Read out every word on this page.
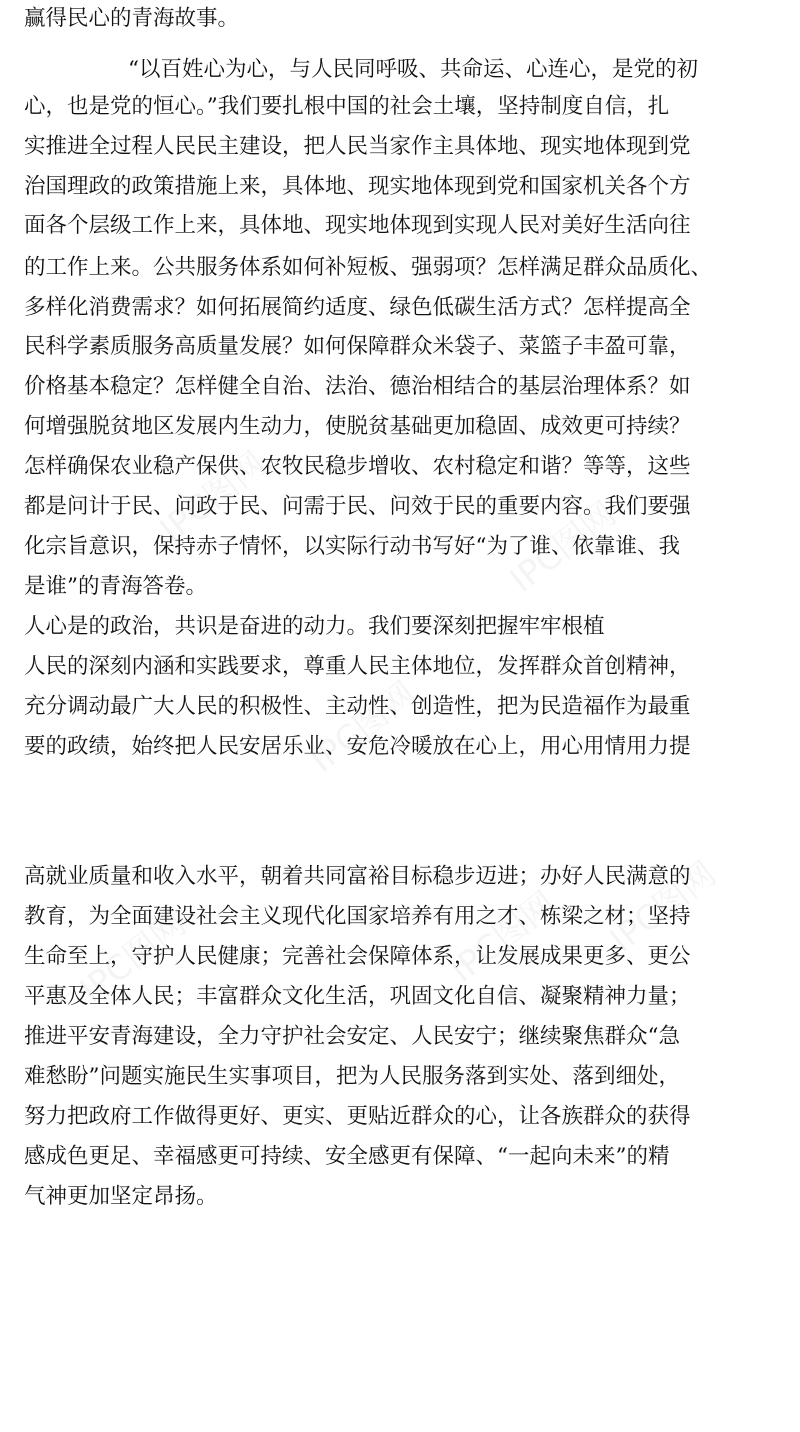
赢得民心的青海故事。
“以百姓心为心，与人民同呼吸、共命运、心连心，是党的初
心，也是党的恒心。”我们要扎根中国的社会土壤，坚持制度自信，扎
实推进全过程人民民主建设，把人民当家作主具体地、现实地体现到党
治国理政的政策措施上来，具体地、现实地体现到党和国家机关各个方
面各个层级工作上来，具体地、现实地体现到实现人民对美好生活向往
的工作上来。公共服务体系如何补短板、强弱项？怎样满足群众品质化、
多样化消费需求？如何拓展简约适度、绿色低碳生活方式？怎样提高全
民科学素质服务高质量发展？如何保障群众米袋子、菜篮子丰盈可靠，
价格基本稳定？怎样健全自治、法治、德治相结合的基层治理体系？如
何增强脱贫地区发展内生动力，使脱贫基础更加稳固、成效更可持续？
怎样确保农业稳产保供、农牧民稳步增收、农村稳定和谐？等等，这些
都是问计于民、问政于民、问需于民、问效于民的重要内容。我们要强
化宗旨意识，保持赤子情怀，以实际行动书写好“为了谁、依靠谁、我
是谁”的青海答卷。
人心是的政治，共识是奋进的动力。我们要深刻把握牢牢根植
人民的深刻内涵和实践要求，尊重人民主体地位，发挥群众首创精神，
充分调动最广大人民的积极性、主动性、创造性，把为民造福作为最重
要的政绩，始终把人民安居乐业、安危冷暖放在心上，用心用情用力提
高就业质量和收入水平，朝着共同富裕目标稳步迈进；办好人民满意的
教育，为全面建设社会主义现代化国家培养有用之才、栋梁之材；坚持
生命至上，守护人民健康；完善社会保障体系，让发展成果更多、更公
平惠及全体人民；丰富群众文化生活，巩固文化自信、凝聚精神力量；
推进平安青海建设，全力守护社会安定、人民安宁；继续聚焦群众“急
难愁盼”问题实施民生实事项目，把为人民服务落到实处、落到细处，
努力把政府工作做得更好、更实、更贴近群众的心，让各族群众的获得
感成色更足、幸福感更可持续、安全感更有保障、“一起向未来”的精
气神更加坚定昂扬。
